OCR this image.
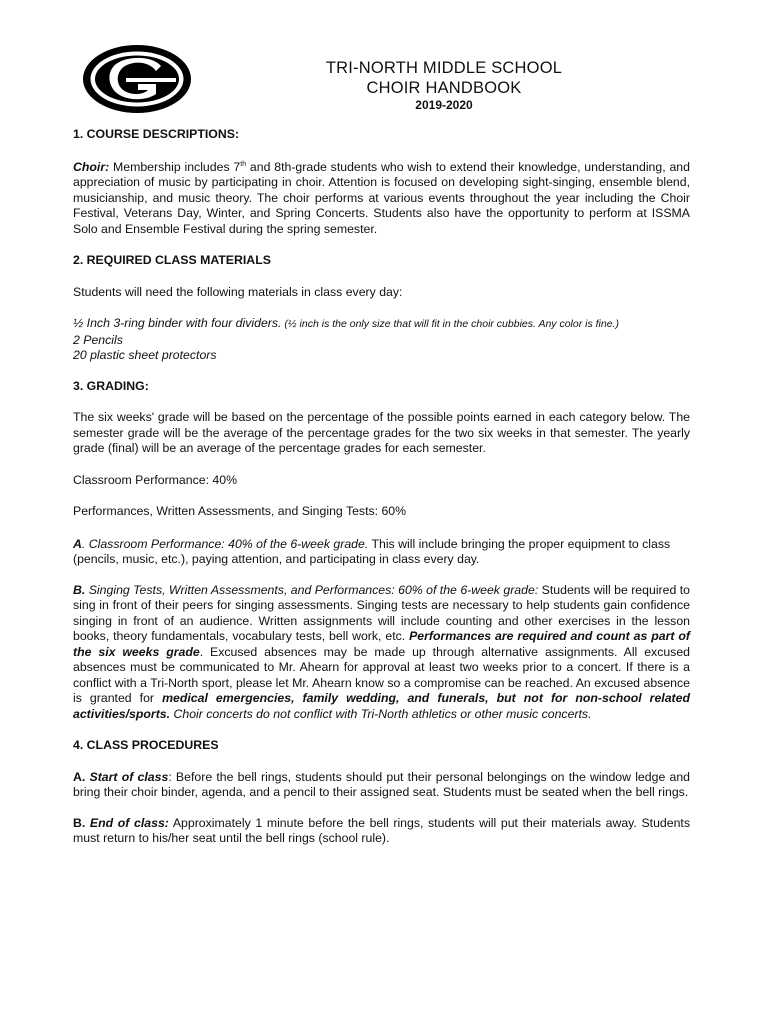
TRI-NORTH MIDDLE SCHOOL
CHOIR HANDBOOK
2019-2020

1. COURSE DESCRIPTIONS:

Choir: Membership includes 7th and 8th-grade students who wish to extend their knowledge, understanding, and appreciation of music by participating in choir. Attention is focused on developing sight-singing, ensemble blend, musicianship, and music theory. The choir performs at various events throughout the year including the Choir Festival, Veterans Day, Winter, and Spring Concerts. Students also have the opportunity to perform at ISSMA Solo and Ensemble Festival during the spring semester.

2. REQUIRED CLASS MATERIALS

Students will need the following materials in class every day:

½ Inch 3-ring binder with four dividers. (½ inch is the only size that will fit in the choir cubbies. Any color is fine.)

2 Pencils

20 plastic sheet protectors

3. GRADING:

The six weeks' grade will be based on the percentage of the possible points earned in each category below. The semester grade will be the average of the percentage grades for the two six weeks in that semester. The yearly grade (final) will be an average of the percentage grades for each semester.

Classroom Performance: 40%

Performances, Written Assessments, and Singing Tests: 60%

A. Classroom Performance: 40% of the 6-week grade. This will include bringing the proper equipment to class (pencils, music, etc.), paying attention, and participating in class every day.

B. Singing Tests, Written Assessments, and Performances: 60% of the 6-week grade: Students will be required to sing in front of their peers for singing assessments. Singing tests are necessary to help students gain confidence singing in front of an audience. Written assignments will include counting and other exercises in the lesson books, theory fundamentals, vocabulary tests, bell work, etc. Performances are required and count as part of the six weeks grade. Excused absences may be made up through alternative assignments. All excused absences must be communicated to Mr. Ahearn for approval at least two weeks prior to a concert. If there is a conflict with a Tri-North sport, please let Mr. Ahearn know so a compromise can be reached. An excused absence is granted for medical emergencies, family wedding, and funerals, but not for non-school related activities/sports. Choir concerts do not conflict with Tri-North athletics or other music concerts.

4. CLASS PROCEDURES

A. Start of class: Before the bell rings, students should put their personal belongings on the window ledge and bring their choir binder, agenda, and a pencil to their assigned seat. Students must be seated when the bell rings.

B. End of class: Approximately 1 minute before the bell rings, students will put their materials away. Students must return to his/her seat until the bell rings (school rule).
